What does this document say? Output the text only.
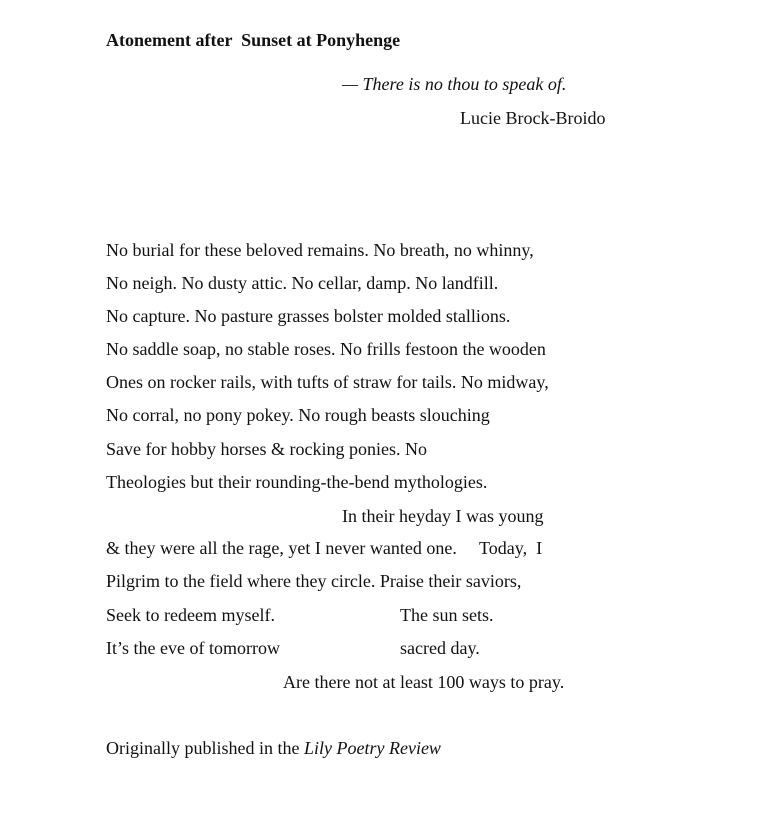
Atonement after  Sunset at Ponyhenge
— There is no thou to speak of.
Lucie Brock-Broido
No burial for these beloved remains. No breath, no whinny,
No neigh. No dusty attic. No cellar, damp. No landfill.
No capture. No pasture grasses bolster molded stallions.
No saddle soap, no stable roses. No frills festoon the wooden
Ones on rocker rails, with tufts of straw for tails. No midway,
No corral, no pony pokey. No rough beasts slouching
Save for hobby horses & rocking ponies. No
Theologies but their rounding-the-bend mythologies.
In their heyday I was young
& they were all the rage, yet I never wanted one.     Today,  I
Pilgrim to the field where they circle. Praise their saviors,
Seek to redeem myself.	The sun sets.
It’s the eve of tomorrow	sacred day.
Are there not at least 100 ways to pray.
Originally published in the Lily Poetry Review
